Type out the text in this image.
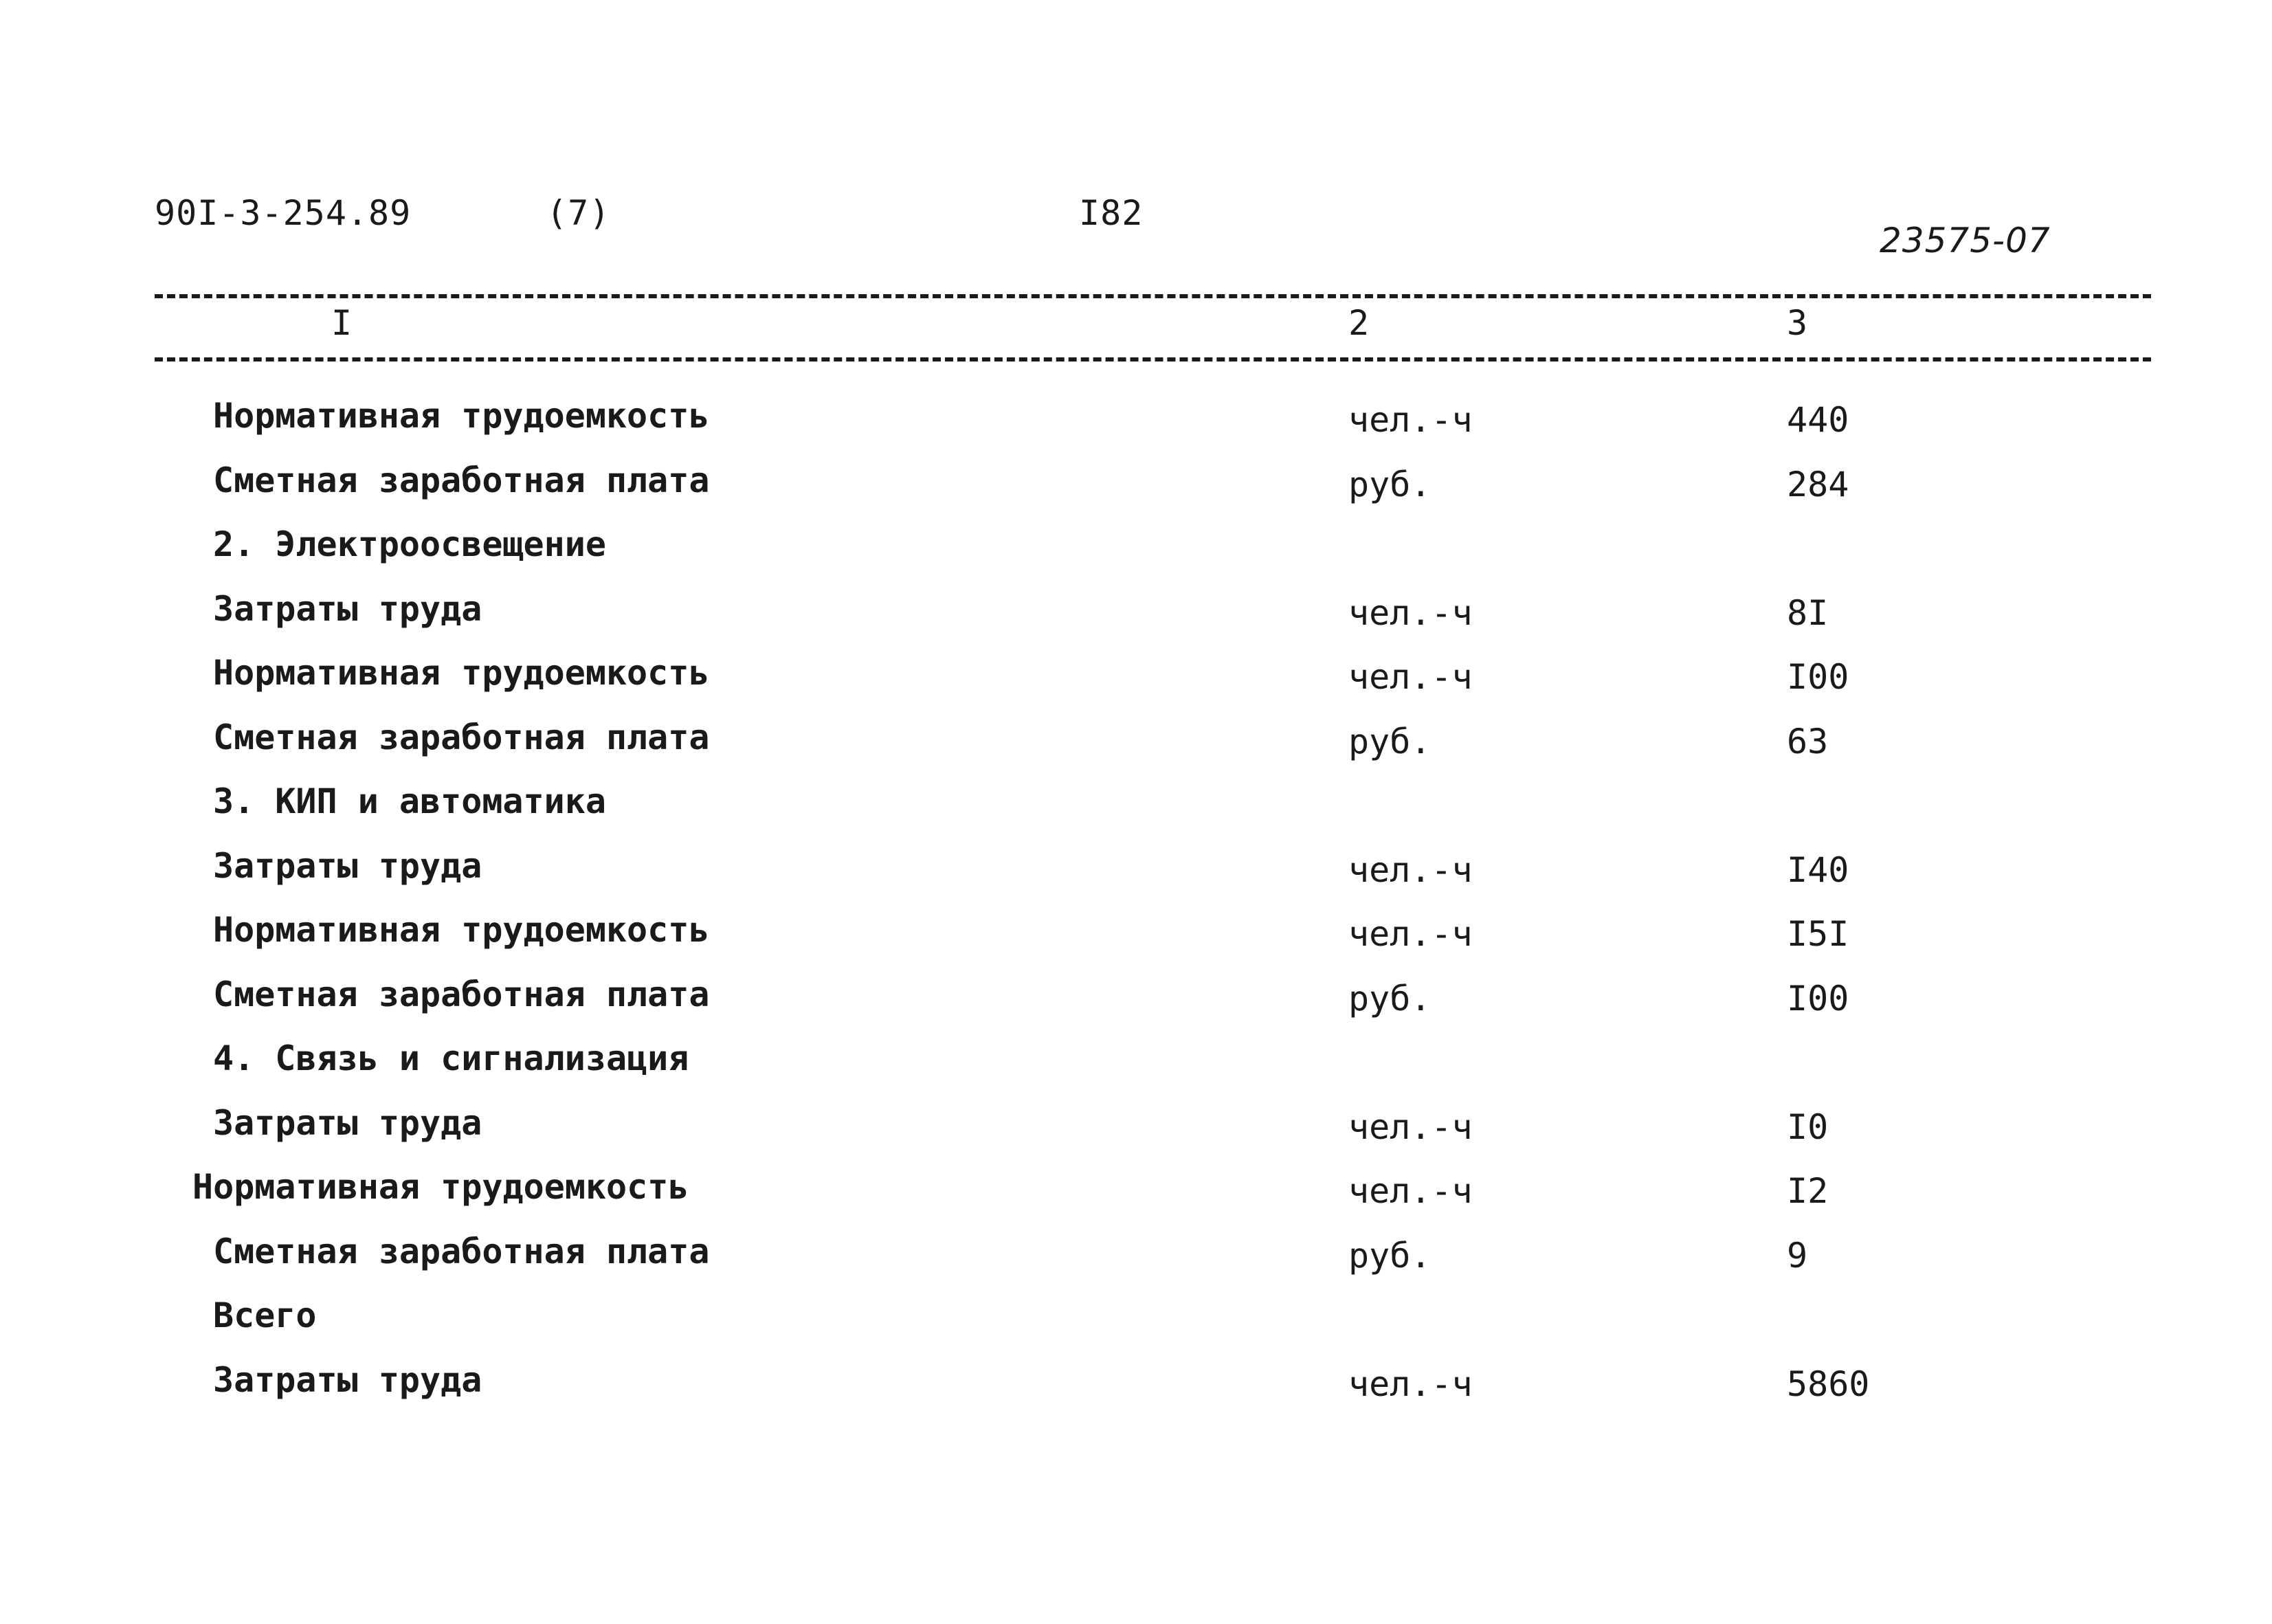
90I-3-254.89	(7)	I82
23575-07
I	2	3
Нормативная трудоемкость	чел.-ч	440
Сметная заработная плата	руб.	284
2. Электроосвещение
Затраты труда	чел.-ч	8I
Нормативная трудоемкость	чел.-ч	I00
Сметная заработная плата	руб.	63
3. КИП и автоматика
Затраты труда	чел.-ч	I40
Нормативная трудоемкость	чел.-ч	I5I
Сметная заработная плата	руб.	I00
4. Связь и сигнализация
Затраты труда	чел.-ч	I0
Нормативная трудоемкость	чел.-ч	I2
Сметная заработная плата	руб.	9
Всего
Затраты труда	чел.-ч	5860
